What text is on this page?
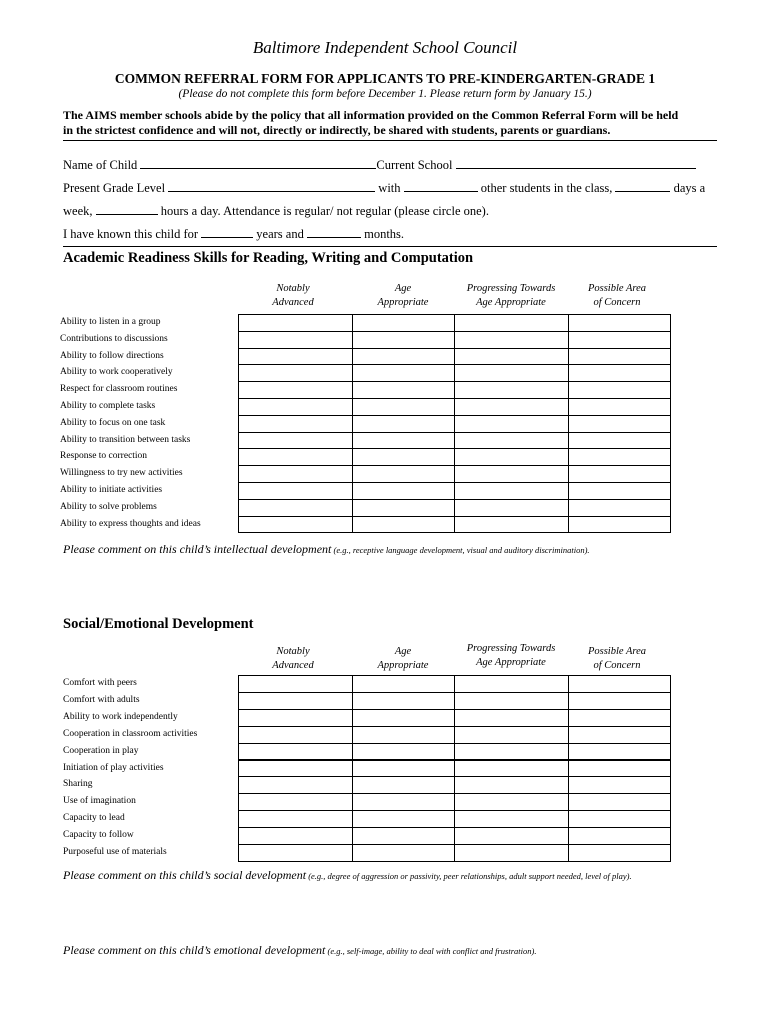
Baltimore Independent School Council
COMMON REFERRAL FORM FOR APPLICANTS TO PRE-KINDERGARTEN-GRADE 1
(Please do not complete this form before December 1. Please return form by January 15.)
The AIMS member schools abide by the policy that all information provided on the Common Referral Form will be held
in the strictest confidence and will not, directly or indirectly, be shared with students, parents or guardians.
Name of Child	Current School
Present Grade Level	with	other students in the class,	days a
week,	hours a day. Attendance is regular/ not regular (please circle one).
I have known this child for	years and	months.
Academic Readiness Skills for Reading, Writing and Computation
Notably
Advanced
Age
Appropriate
Progressing Towards
Age Appropriate
Possible Area
of Concern
Ability to listen in a group
Contributions to discussions
Ability to follow directions
Ability to work cooperatively
Respect for classroom routines
Ability to complete tasks
Ability to focus on one task
Ability to transition between tasks
Response to correction
Willingness to try new activities
Ability to initiate activities
Ability to solve problems
Ability to express thoughts and ideas
Please comment on this child’s intellectual development (e.g., receptive language development, visual and auditory discrimination).
Social/Emotional Development
Notably
Advanced
Age
Appropriate
Progressing Towards
Age Appropriate
Possible Area
of Concern
Comfort with peers
Comfort with adults
Ability to work independently
Cooperation in classroom activities
Cooperation in play
Initiation of play activities
Sharing
Use of imagination
Capacity to lead
Capacity to follow
Purposeful use of materials
Please comment on this child’s social development (e.g., degree of aggression or passivity, peer relationships, adult support needed, level of play).
Please comment on this child’s emotional development (e.g., self-image, ability to deal with conflict and frustration).
